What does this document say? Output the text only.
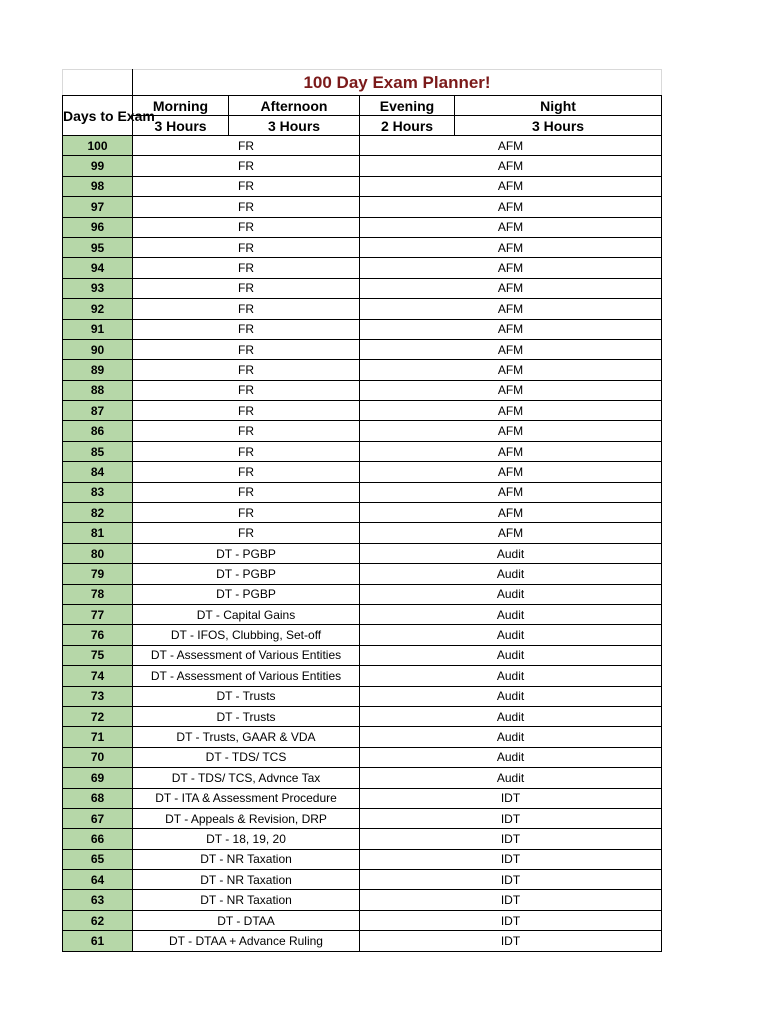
	100 Day Exam Planner!			
Days to Exam	Morning	Afternoon	Evening	Night
	3 Hours	3 Hours	2 Hours	3 Hours
100	FR		AFM	
99	FR		AFM	
98	FR		AFM	
97	FR		AFM	
96	FR		AFM	
95	FR		AFM	
94	FR		AFM	
93	FR		AFM	
92	FR		AFM	
91	FR		AFM	
90	FR		AFM	
89	FR		AFM	
88	FR		AFM	
87	FR		AFM	
86	FR		AFM	
85	FR		AFM	
84	FR		AFM	
83	FR		AFM	
82	FR		AFM	
81	FR		AFM	
80	DT - PGBP		Audit	
79	DT - PGBP		Audit	
78	DT - PGBP		Audit	
77	DT - Capital Gains		Audit	
76	DT - IFOS, Clubbing, Set-off		Audit	
75	DT - Assessment of Various Entities		Audit	
74	DT - Assessment of Various Entities		Audit	
73	DT - Trusts		Audit	
72	DT - Trusts		Audit	
71	DT - Trusts, GAAR & VDA		Audit	
70	DT - TDS/ TCS		Audit	
69	DT - TDS/ TCS, Advnce Tax		Audit	
68	DT - ITA & Assessment Procedure		IDT	
67	DT - Appeals & Revision, DRP		IDT	
66	DT - 18, 19, 20		IDT	
65	DT - NR Taxation		IDT	
64	DT - NR Taxation		IDT	
63	DT - NR Taxation		IDT	
62	DT - DTAA		IDT	
61	DT - DTAA + Advance Ruling		IDT	
